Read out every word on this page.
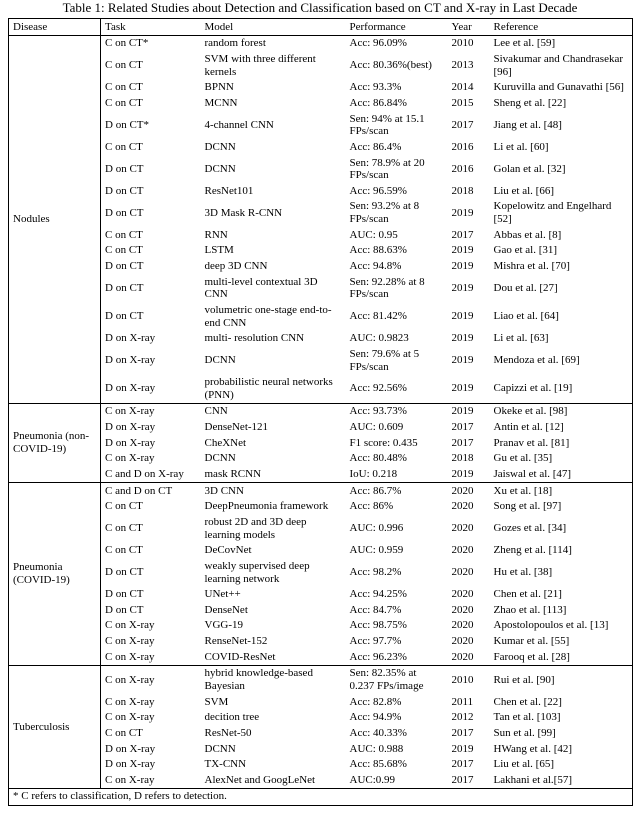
Table 1: Related Studies about Detection and Classification based on CT and X-ray in Last Decade
Disease	Task	Model	Performance	Year	Reference
Nodules	C on CT*	random forest	Acc: 96.09%	2010	Lee et al. [59]
	C on CT	SVM with three different kernels	Acc: 80.36%(best)	2013	Sivakumar and Chandrasekar [96]
	C on CT	BPNN	Acc: 93.3%	2014	Kuruvilla and Gunavathi [56]
	C on CT	MCNN	Acc: 86.84%	2015	Sheng et al. [22]
	D on CT*	4-channel CNN	Sen: 94% at 15.1 FPs/scan	2017	Jiang et al. [48]
	C on CT	DCNN	Acc: 86.4%	2016	Li et al. [60]
	D on CT	DCNN	Sen: 78.9% at 20 FPs/scan	2016	Golan et al. [32]
	D on CT	ResNet101	Acc: 96.59%	2018	Liu et al. [66]
	D on CT	3D Mask R-CNN	Sen: 93.2% at 8 FPs/scan	2019	Kopelowitz and Engelhard [52]
	C on CT	RNN	AUC: 0.95	2017	Abbas et al. [8]
	C on CT	LSTM	Acc: 88.63%	2019	Gao et al. [31]
	D on CT	deep 3D CNN	Acc: 94.8%	2019	Mishra et al. [70]
	D on CT	multi-level contextual 3D CNN	Sen: 92.28% at 8 FPs/scan	2019	Dou et al. [27]
	D on CT	volumetric one-stage end-to-end CNN	Acc: 81.42%	2019	Liao et al. [64]
	D on X-ray	multi- resolution CNN	AUC: 0.9823	2019	Li et al. [63]
	D on X-ray	DCNN	Sen: 79.6% at 5 FPs/scan	2019	Mendoza et al. [69]
	D on X-ray	probabilistic neural networks (PNN)	Acc: 92.56%	2019	Capizzi et al. [19]
Pneumonia (non-COVID-19)	C on X-ray	CNN	Acc: 93.73%	2019	Okeke et al. [98]
	D on X-ray	DenseNet-121	AUC: 0.609	2017	Antin et al. [12]
	D on X-ray	CheXNet	F1 score: 0.435	2017	Pranav et al. [81]
	C on X-ray	DCNN	Acc: 80.48%	2018	Gu et al. [35]
	C and D on X-ray	mask RCNN	IoU: 0.218	2019	Jaiswal et al. [47]
Pneumonia (COVID-19)	C and D on CT	3D CNN	Acc: 86.7%	2020	Xu et al. [18]
	C on CT	DeepPneumonia framework	Acc: 86%	2020	Song et al. [97]
	C on CT	robust 2D and 3D deep learning models	AUC: 0.996	2020	Gozes et al. [34]
	C on CT	DeCovNet	AUC: 0.959	2020	Zheng et al. [114]
	D on CT	weakly supervised deep learning network	Acc: 98.2%	2020	Hu et al. [38]
	D on CT	UNet++	Acc: 94.25%	2020	Chen et al. [21]
	D on CT	DenseNet	Acc: 84.7%	2020	Zhao et al. [113]
	C on X-ray	VGG-19	Acc: 98.75%	2020	Apostolopoulos et al. [13]
	C on X-ray	RenseNet-152	Acc: 97.7%	2020	Kumar et al. [55]
	C on X-ray	COVID-ResNet	Acc: 96.23%	2020	Farooq et al. [28]
Tuberculosis	C on X-ray	hybrid knowledge-based Bayesian	Sen: 82.35% at 0.237 FPs/image	2010	Rui et al. [90]
	C on X-ray	SVM	Acc: 82.8%	2011	Chen et al. [22]
	C on X-ray	decition tree	Acc: 94.9%	2012	Tan et al. [103]
	C on CT	ResNet-50	Acc: 40.33%	2017	Sun et al. [99]
	D on X-ray	DCNN	AUC: 0.988	2019	HWang et al. [42]
	D on X-ray	TX-CNN	Acc: 85.68%	2017	Liu et al. [65]
	C on X-ray	AlexNet and GoogLeNet	AUC:0.99	2017	Lakhani et al.[57]
* C refers to classification, D refers to detection.					
